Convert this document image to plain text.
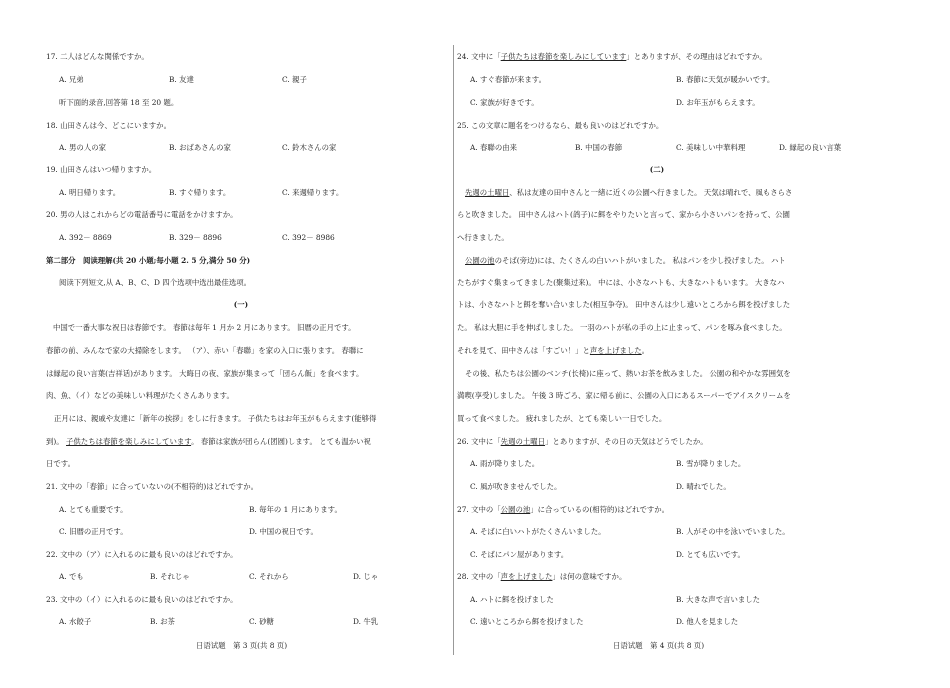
17. 二人はどんな関係ですか。
A. 兄弟	B. 友達	C. 親子
听下面的录音,回答第 18 至 20 题。
18. 山田さんは今、どこにいますか。
A. 男の人の家	B. おばあさんの家	C. 鈴木さんの家
19. 山田さんはいつ帰りますか。
A. 明日帰ります。	B. すぐ帰ります。	C. 来週帰ります。
20. 男の人はこれからどの電話番号に電話をかけますか。
A. 392－ 8869	B. 329－ 8896	C. 392－ 8986
第二部分　阅读理解(共 20 小题;每小题 2. 5 分,满分 50 分)
阅读下列短文,从 A、B、C、D 四个选项中选出最佳选项。
(一)
中国で一番大事な祝日は春節です。 春節は毎年 1 月か 2 月にあります。 旧暦の正月です。
春節の前、みんなで家の大掃除をします。 （ア）、赤い「春聯」を家の入口に張ります。 春聯に
は縁起の良い言葉(吉祥话)があります。 大晦日の夜、家族が集まって「団らん飯」を食べます。
肉、魚、（イ）などの美味しい料理がたくさんあります。
正月には、親戚や友達に「新年の挨拶」をしに行きます。 子供たちはお年玉がもらえます(能够得
到)。 子供たちは春節を楽しみにしています。 春節は家族が団らん(团圆)します。 とても温かい祝
日です。
21. 文中の「春節」に合っていないの(不相符的)はどれですか。
A. とても重要です。	B. 毎年の 1 月にあります。
C. 旧暦の正月です。	D. 中国の祝日です。
22. 文中の（ア）に入れるのに最も良いのはどれですか。
A. でも	B. それじゃ	C. それから	D. じゃ
23. 文中の（イ）に入れるのに最も良いのはどれですか。
A. 水餃子	B. お茶	C. 砂糖	D. 牛乳
日语试题　第 3 页(共 8 页)
24. 文中に「子供たちは春節を楽しみにしています」とありますが、その理由はどれですか。
A. すぐ春節が来ます。	B. 春節に天気が暖かいです。
C. 家族が好きです。	D. お年玉がもらえます。
25. この文章に題名をつけるなら、最も良いのはどれですか。
A. 春聯の由来	B. 中国の春節	C. 美味しい中華料理	D. 縁起の良い言葉
(二)
先週の土曜日、私は友達の田中さんと一緒に近くの公園へ行きました。 天気は晴れで、風もさらさ
らと吹きました。 田中さんはハト(鸽子)に餌をやりたいと言って、家から小さいパンを持って、公園
へ行きました。
公園の池のそば(旁边)には、たくさんの白いハトがいました。 私はパンを少し投げました。 ハト
たちがすぐ集まってきました(聚集过来)。 中には、小さなハトも、大きなハトもいます。 大きなハ
トは、小さなハトと餌を奪い合いました(相互争夺)。 田中さんは少し遠いところから餌を投げました
た。 私は大胆に手を伸ばしました。 一羽のハトが私の手の上に止まって、パンを啄み食べました。
それを見て、田中さんは「すごい！」と声を上げました。
その後、私たちは公園のベンチ(长椅)に座って、熱いお茶を飲みました。 公園の和やかな雰囲気を
満喫(享受)しました。 午後 3 時ごろ、家に帰る前に、公園の入口にあるスーパーでアイスクリームを
買って食べました。 疲れましたが、とても楽しい一日でした。
26. 文中に「先週の土曜日」とありますが、その日の天気はどうでしたか。
A. 雨が降りました。	B. 雪が降りました。
C. 風が吹きませんでした。	D. 晴れでした。
27. 文中の「公園の池」に合っているの(相符的)はどれですか。
A. そばに白いハトがたくさんいました。	B. 人がその中を泳いでいました。
C. そばにパン屋があります。	D. とても広いです。
28. 文中の「声を上げました」は何の意味ですか。
A. ハトに餌を投げました	B. 大きな声で言いました
C. 遠いところから餌を投げました	D. 他人を見ました
日语试题　第 4 页(共 8 页)
